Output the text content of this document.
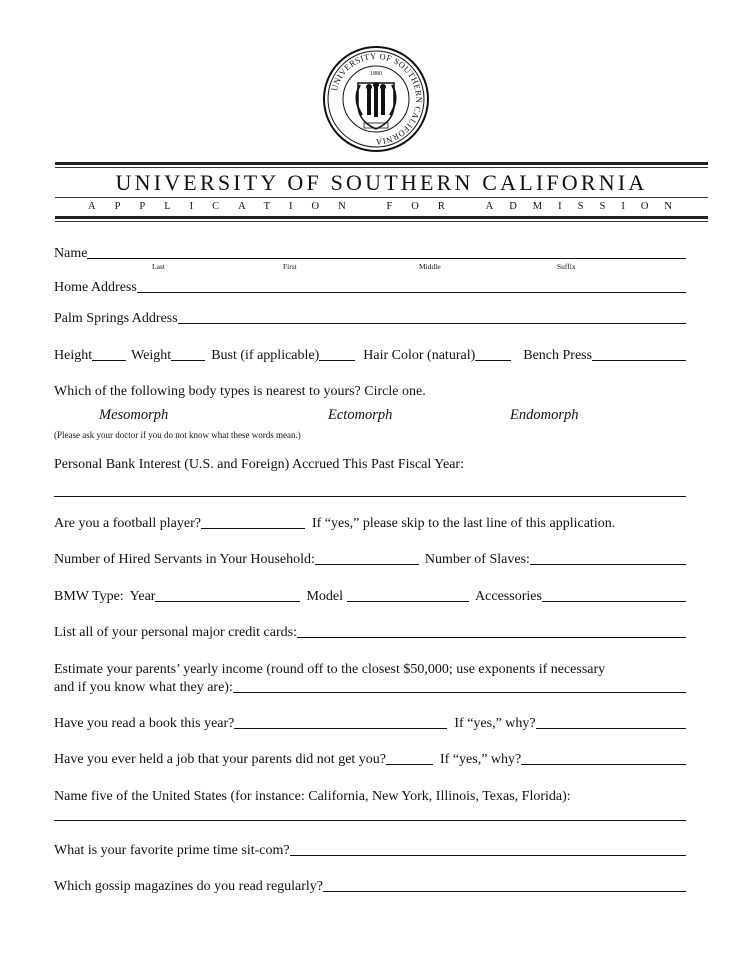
UNIVERSITY OF SOUTHERN CALIFORNIA
1880
UNIVERSITY OF SOUTHERN CALIFORNIA
APPLICATION FOR ADMISSION
Name
Last	First	Middle	Suffix
Home Address
Palm Springs Address
Height	Weight	Bust (if applicable)	Hair Color (natural)	Bench Press
Which of the following body types is nearest to yours? Circle one.
Mesomorph	Ectomorph	Endomorph
(Please ask your doctor if you do not know what these words mean.)
Personal Bank Interest (U.S. and Foreign) Accrued This Past Fiscal Year:
Are you a football player?	If “yes,” please skip to the last line of this application.
Number of Hired Servants in Your Household:	Number of Slaves:
BMW Type: Year	Model	Accessories
List all of your personal major credit cards:
Estimate your parents’ yearly income (round off to the closest $50,000; use exponents if necessary
and if you know what they are):
Have you read a book this year?	If “yes,” why?
Have you ever held a job that your parents did not get you?	If “yes,” why?
Name five of the United States (for instance: California, New York, Illinois, Texas, Florida):
What is your favorite prime time sit-com?
Which gossip magazines do you read regularly?
